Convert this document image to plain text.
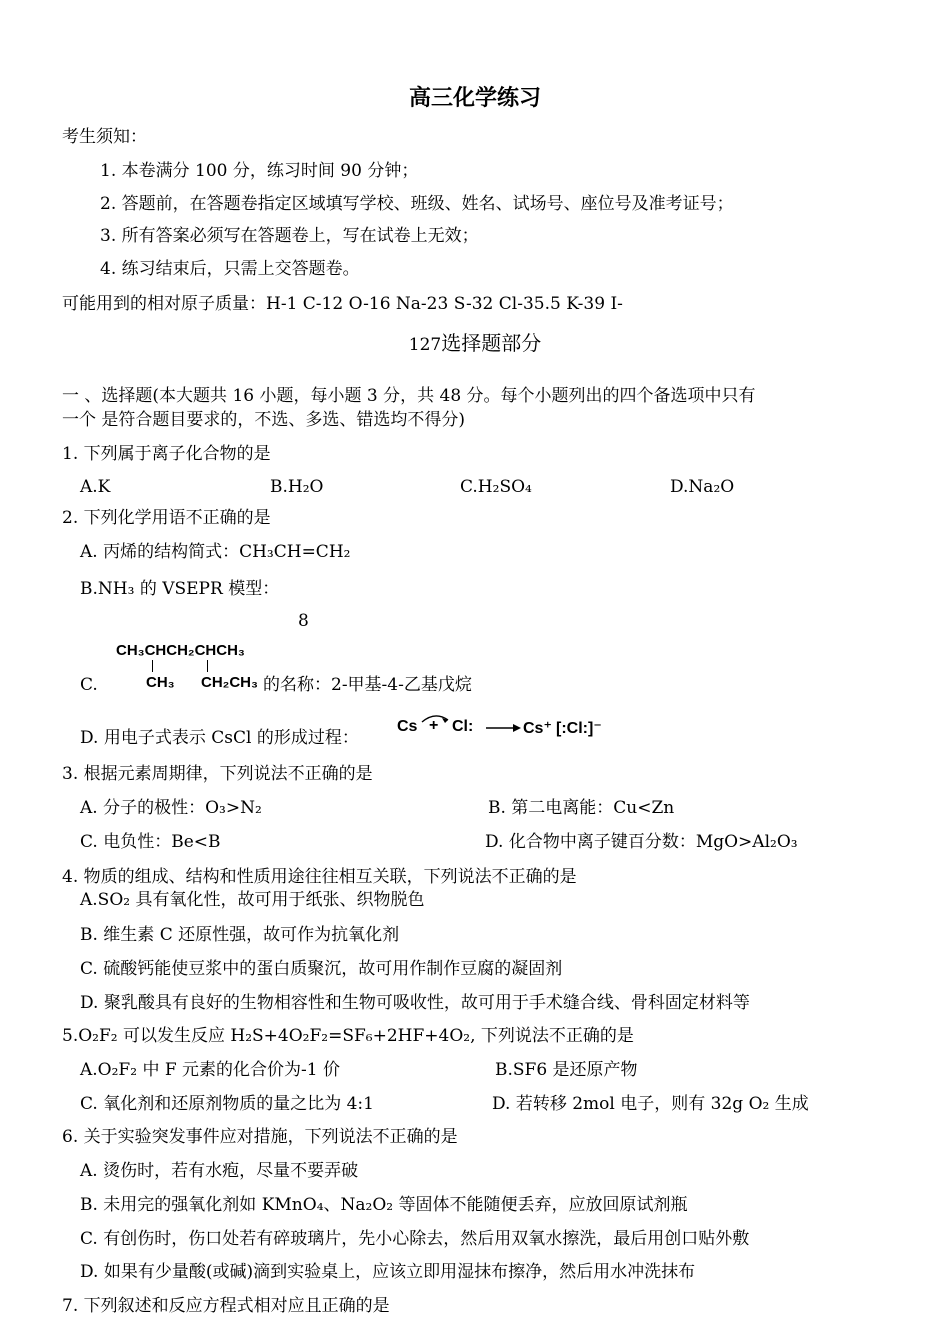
高三化学练习
考生须知：
1. 本卷满分 100 分，练习时间 90 分钟；
2. 答题前，在答题卷指定区域填写学校、班级、姓名、试场号、座位号及准考证号；
3. 所有答案必须写在答题卷上，写在试卷上无效；
4. 练习结束后，只需上交答题卷。
可能用到的相对原子质量：H-1 C-12 O-16 Na-23 S-32 Cl-35.5 K-39 I-
127选择题部分
一 、选择题(本大题共 16 小题，每小题 3 分，共 48 分。每个小题列出的四个备选项中只有
一个 是符合题目要求的，不选、多选、错选均不得分)
1. 下列属于离子化合物的是
A.K	B.H₂O	C.H₂SO₄	D.Na₂O
2. 下列化学用语不正确的是
A. 丙烯的结构简式：CH₃CH=CH₂
B.NH₃ 的 VSEPR 模型：
8
C.
CH₃CHCH₂CHCH₃
CH₃ CH₂CH₃ 的名称：2-甲基-4-乙基戊烷
D. 用电子式表示 CsCl 的形成过程：
Cs + Cl:	Cs⁺ [:Cl:]⁻
3. 根据元素周期律，下列说法不正确的是
A. 分子的极性：O₃>N₂	B. 第二电离能：Cu<Zn
C. 电负性：Be<B	D. 化合物中离子键百分数：MgO>Al₂O₃
4. 物质的组成、结构和性质用途往往相互关联，下列说法不正确的是
A.SO₂ 具有氧化性，故可用于纸张、织物脱色
B. 维生素 C 还原性强，故可作为抗氧化剂
C. 硫酸钙能使豆浆中的蛋白质聚沉，故可用作制作豆腐的凝固剂
D. 聚乳酸具有良好的生物相容性和生物可吸收性，故可用于手术缝合线、骨科固定材料等
5.O₂F₂ 可以发生反应 H₂S+4O₂F₂=SF₆+2HF+4O₂, 下列说法不正确的是
A.O₂F₂ 中 F 元素的化合价为-1 价	B.SF6 是还原产物
C. 氧化剂和还原剂物质的量之比为 4:1	D. 若转移 2mol 电子，则有 32g O₂ 生成
6. 关于实验突发事件应对措施，下列说法不正确的是
A. 烫伤时，若有水疱，尽量不要弄破
B. 未用完的强氧化剂如 KMnO₄、Na₂O₂ 等固体不能随便丢弃，应放回原试剂瓶
C. 有创伤时，伤口处若有碎玻璃片，先小心除去，然后用双氧水擦洗，最后用创口贴外敷
D. 如果有少量酸(或碱)滴到实验桌上，应该立即用湿抹布擦净，然后用水冲洗抹布
7. 下列叙述和反应方程式相对应且正确的是
